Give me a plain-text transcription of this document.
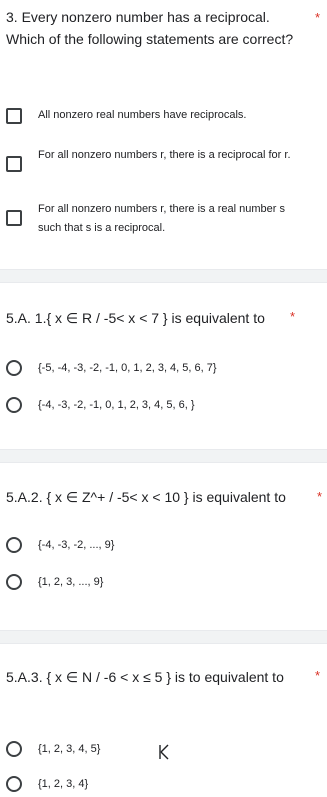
3. Every nonzero number has a reciprocal. Which of the following statements are correct?
*
All nonzero real numbers have reciprocals.
For all nonzero numbers r, there is a reciprocal for r.
For all nonzero numbers r, there is a real number s such that s is a reciprocal.
5.A. 1.{ x ∈ R / -5< x < 7 } is equivalent to	*
{-5, -4, -3, -2, -1, 0, 1, 2, 3, 4, 5, 6, 7}
{-4, -3, -2, -1, 0, 1, 2, 3, 4, 5, 6, }
5.A.2. { x ∈ Z^+ / -5< x < 10 } is equivalent to	*
{-4, -3, -2, ..., 9}
{1, 2, 3, ..., 9}
5.A.3. { x ∈ N / -6 < x ≤ 5 } is to equivalent to	*
{1, 2, 3, 4, 5}
{1, 2, 3, 4}
